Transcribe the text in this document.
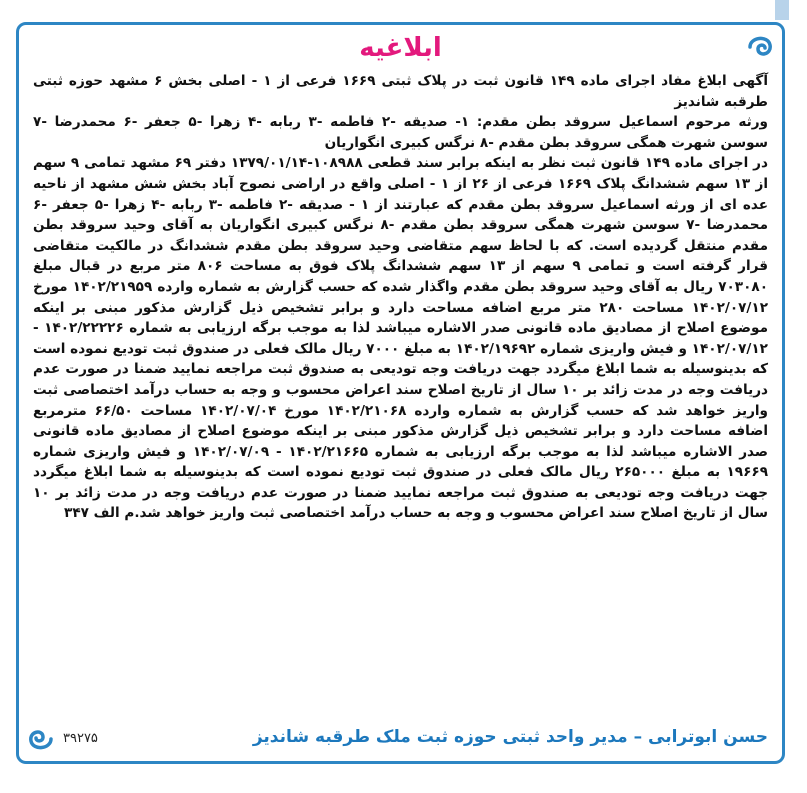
ابلاغیه

آگهی ابلاغ مفاد اجرای ماده ۱۴۹ قانون ثبت در پلاک ثبتی ۱۶۶۹ فرعی از ۱ - اصلی بخش ۶ مشهد حوزه ثبتی طرقبه شاندیز

ورثه مرحوم اسماعیل سروقد بطن مقدم: ۱- صدیقه -۲ فاطمه -۳ ربابه -۴ زهرا -۵ جعفر -۶ محمدرضا -۷ سوسن شهرت همگی سروقد بطن مقدم -۸ نرگس کبیری انگواریان

در اجرای ماده ۱۴۹ قانون ثبت نظر به اینکه برابر سند قطعی ۱۰۸۹۸۸-۱۳۷۹/۰۱/۱۴ دفتر ۶۹ مشهد تمامی ۹ سهم از ۱۳ سهم ششدانگ پلاک ۱۶۶۹ فرعی از ۲۶ از ۱ - اصلی واقع در اراضی نصوح آباد بخش شش مشهد از ناحیه عده ای از ورثه اسماعیل سروقد بطن مقدم که عبارتند از ۱ - صدیقه -۲ فاطمه -۳ ربابه -۴ زهرا -۵ جعفر -۶ محمدرضا -۷ سوسن شهرت همگی سروقد بطن مقدم -۸ نرگس کبیری انگواریان به آقای وحید سروقد بطن مقدم منتقل گردیده است. که با لحاظ سهم متقاضی وحید سروقد بطن مقدم ششدانگ در مالکیت متقاضی قرار گرفته است و تمامی ۹ سهم از ۱۳ سهم ششدانگ پلاک فوق به مساحت ۸۰۶ متر مربع در قبال مبلغ ۷۰۳۰۸۰ ریال به آقای وحید سروقد بطن مقدم واگذار شده که حسب گزارش به شماره وارده ۱۴۰۲/۲۱۹۵۹ مورخ ۱۴۰۲/۰۷/۱۲ مساحت ۲۸۰ متر مربع اضافه مساحت دارد و برابر تشخیص ذیل گزارش مذکور مبنی بر اینکه موضوع اصلاح از مصادیق ماده قانونی صدر الاشاره میباشد لذا به موجب برگه ارزیابی به شماره ۱۴۰۲/۲۲۲۲۶ - ۱۴۰۲/۰۷/۱۲ و فیش واریزی شماره ۱۴۰۲/۱۹۶۹۲ به مبلغ ۷۰۰۰ ریال مالک فعلی در صندوق ثبت تودیع نموده است که بدینوسیله به شما ابلاغ میگردد جهت دریافت وجه تودیعی به صندوق ثبت مراجعه نمایید ضمنا در صورت عدم دریافت وجه در مدت زائد بر ۱۰ سال از تاریخ اصلاح سند اعراض محسوب و وجه به حساب درآمد اختصاصی ثبت واریز خواهد شد که حسب گزارش به شماره وارده ۱۴۰۲/۲۱۰۶۸ مورخ ۱۴۰۲/۰۷/۰۴ مساحت ۶۶/۵۰ مترمربع اضافه مساحت دارد و برابر تشخیص ذیل گزارش مذکور مبنی بر اینکه موضوع اصلاح از مصادیق ماده قانونی صدر الاشاره میباشد لذا به موجب برگه ارزیابی به شماره ۱۴۰۲/۲۱۶۶۵ - ۱۴۰۲/۰۷/۰۹ و فیش واریزی شماره ۱۹۶۶۹ به مبلغ ۲۶۵۰۰۰ ریال مالک فعلی در صندوق ثبت تودیع نموده است که بدینوسیله به شما ابلاغ میگردد جهت دریافت وجه تودیعی به صندوق ثبت مراجعه نمایید ضمنا در صورت عدم دریافت وجه در مدت زائد بر ۱۰ سال از تاریخ اصلاح سند اعراض محسوب و وجه به حساب درآمد اختصاصی ثبت واریز خواهد شد.م الف ۳۴۷

حسن ابوترابی – مدیر واحد ثبتی حوزه ثبت ملک طرقبه شاندیز
۳۹۲۷۵
